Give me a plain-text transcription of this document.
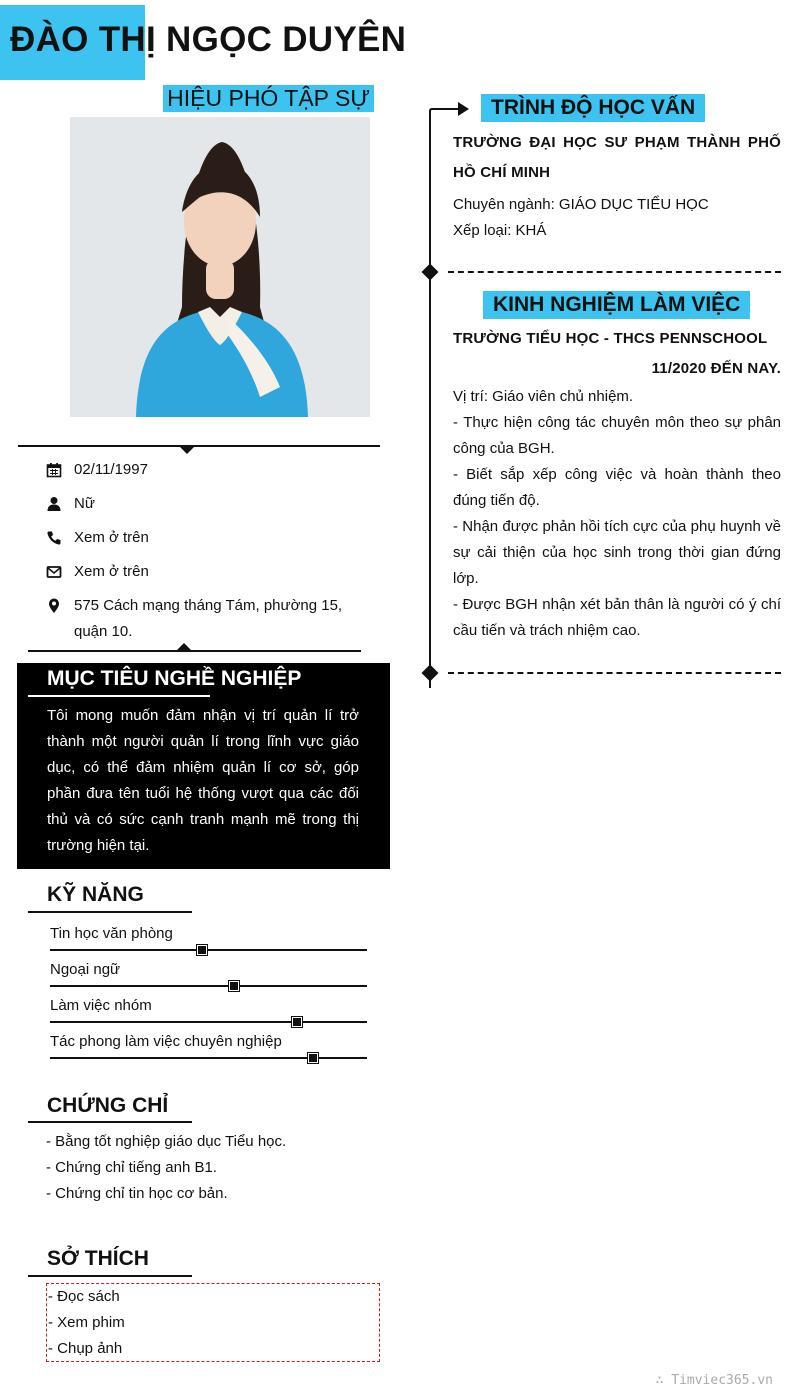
ĐÀO THỊ NGỌC DUYÊN
HIỆU PHÓ TẬP SỰ
02/11/1997
Nữ
Xem ở trên
Xem ở trên
575 Cách mạng tháng Tám, phường 15, quận 10.
MỤC TIÊU NGHỀ NGHIỆP
Tôi mong muốn đảm nhận vị trí quản lí trở thành một người quản lí trong lĩnh vực giáo dục, có thể đảm nhiệm quản lí cơ sở, góp phần đưa tên tuổi hệ thống vượt qua các đối thủ và có sức cạnh tranh mạnh mẽ trong thị trường hiện tại.
KỸ NĂNG
Tin học văn phòng
Ngoại ngữ
Làm việc nhóm
Tác phong làm việc chuyên nghiệp
CHỨNG CHỈ
- Bằng tốt nghiệp giáo dục Tiểu học.
- Chứng chỉ tiếng anh B1.
- Chứng chỉ tin học cơ bản.
SỞ THÍCH
- Đọc sách
- Xem phim
- Chụp ảnh
TRÌNH ĐỘ HỌC VẤN
TRƯỜNG ĐẠI HỌC SƯ PHẠM THÀNH PHỐ HỒ CHÍ MINH
Chuyên ngành: GIÁO DỤC TIỂU HỌC
Xếp loại: KHÁ
KINH NGHIỆM LÀM VIỆC
TRƯỜNG TIỂU HỌC - THCS PENNSCHOOL
11/2020 ĐẾN NAY.
Vị trí: Giáo viên chủ nhiệm.
- Thực hiện công tác chuyên môn theo sự phân công của BGH.
- Biết sắp xếp công việc và hoàn thành theo đúng tiến độ.
- Nhận được phản hồi tích cực của phụ huynh về sự cải thiện của học sinh trong thời gian đứng lớp.
- Được BGH nhận xét bản thân là người có ý chí cầu tiến và trách nhiệm cao.
∴ Timviec365.vn
